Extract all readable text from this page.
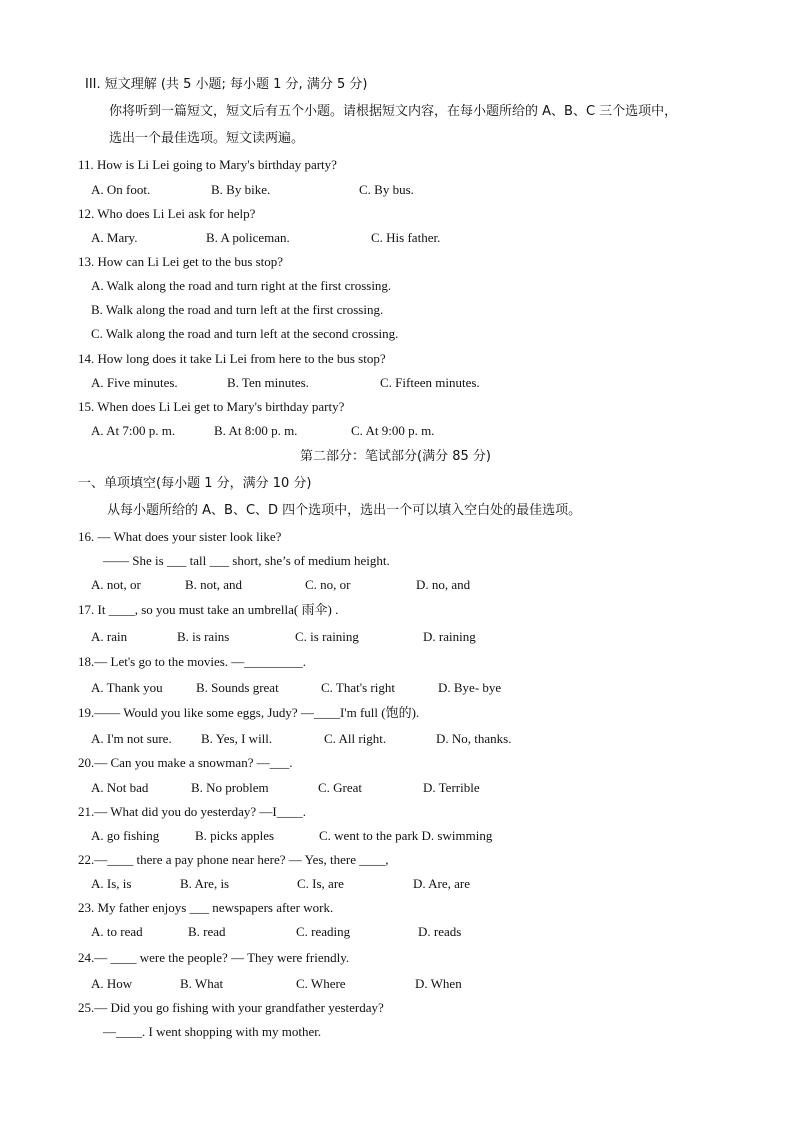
III. 短文理解 (共 5 小题; 每小题 1 分, 满分 5 分)
你将听到一篇短文，短文后有五个小题。请根据短文内容，在每小题所给的 A、B、C 三个选项中，
选出一个最佳选项。短文读两遍。
11. How is Li Lei going to Mary's birthday party?
A. On foot.	B. By bike.	C. By bus.
12. Who does Li Lei ask for help?
A. Mary.	B. A policeman.	C. His father.
13. How can Li Lei get to the bus stop?
A. Walk along the road and turn right at the first crossing.
B. Walk along the road and turn left at the first crossing.
C. Walk along the road and turn left at the second crossing.
14. How long does it take Li Lei from here to the bus stop?
A. Five minutes.	B. Ten minutes.	C. Fifteen minutes.
15. When does Li Lei get to Mary's birthday party?
A. At 7:00 p. m.	B. At 8:00 p. m.	C. At 9:00 p. m.
第二部分：笔试部分(满分 85 分)
一、单项填空(每小题 1 分，满分 10 分)
从每小题所给的 A、B、C、D 四个选项中，选出一个可以填入空白处的最佳选项。
16. — What does your sister look like?
—— She is ___ tall ___ short, she’s of medium height.
A. not, or	B. not, and	C. no, or	D. no, and
17. It ____, so you must take an umbrella( 雨伞) .
A. rain	B. is rains	C. is raining	D. raining
18.— Let's go to the movies. —_________.
A. Thank you	B. Sounds great	C. That's right	D. Bye- bye
19.—— Would you like some eggs, Judy? —____I'm full (饱的).
A. I'm not sure. B. Yes, I will.	C. All right.	D. No, thanks.
20.— Can you make a snowman? —___.
A. Not bad	B. No problem	C. Great	D. Terrible
21.— What did you do yesterday? —I____.
A. go fishing	B. picks apples	C. went to the park D. swimming
22.—____ there a pay phone near here? — Yes, there ____,
A. Is, is	B. Are, is	C. Is, are	D. Are, are
23. My father enjoys ___ newspapers after work.
A. to read	B. read	C. reading	D. reads
24.— ____ were the people? — They were friendly.
A. How	B. What	C. Where	D. When
25.— Did you go fishing with your grandfather yesterday?
—____. I went shopping with my mother.
